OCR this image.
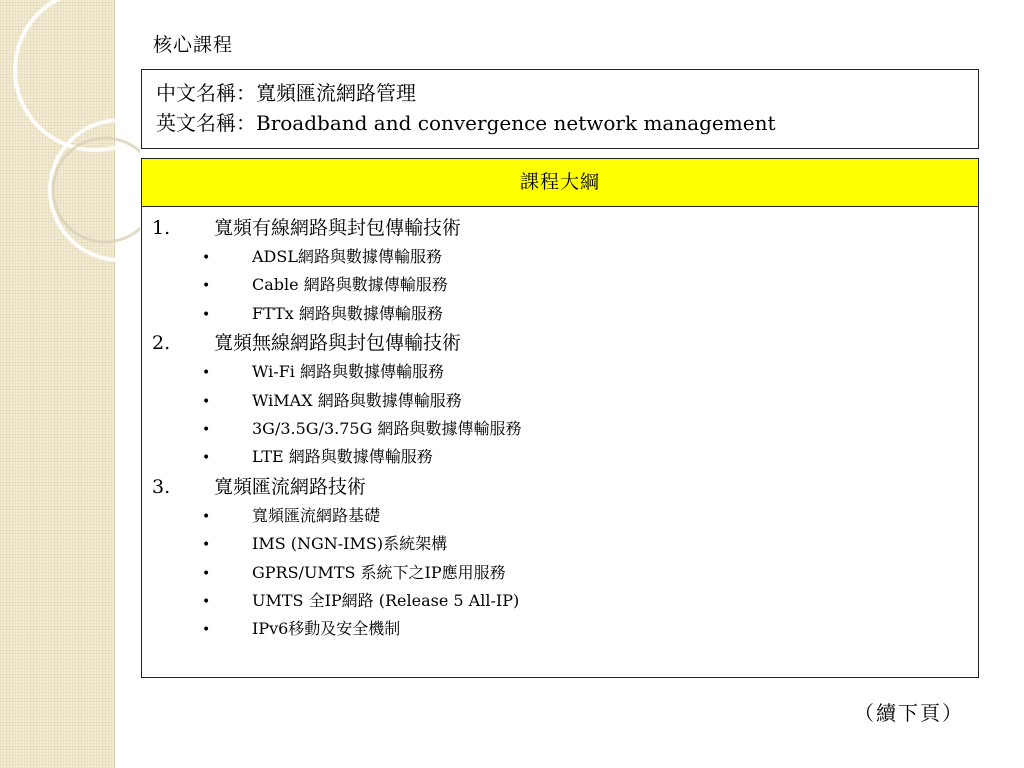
核心課程
中文名稱：寬頻匯流網路管理
英文名稱：Broadband and convergence network management
課程大綱
1.	寬頻有線網路與封包傳輸技術
•	ADSL網路與數據傳輸服務
•	Cable 網路與數據傳輸服務
•	FTTx 網路與數據傳輸服務
2.	寬頻無線網路與封包傳輸技術
•	Wi-Fi 網路與數據傳輸服務
•	WiMAX 網路與數據傳輸服務
•	3G/3.5G/3.75G 網路與數據傳輸服務
•	LTE 網路與數據傳輸服務
3.	寬頻匯流網路技術
•	寬頻匯流網路基礎
•	IMS (NGN-IMS)系統架構
•	GPRS/UMTS 系統下之IP應用服務
•	UMTS 全IP網路 (Release 5 All-IP)
•	IPv6移動及安全機制
（續下頁）
